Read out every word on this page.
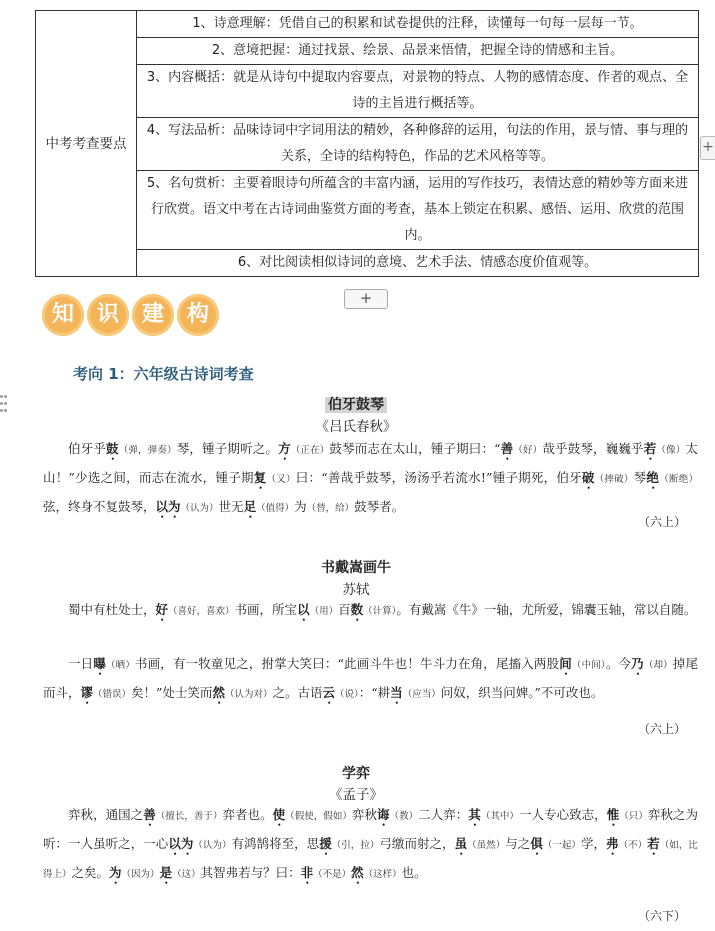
中考考查要点	1、诗意理解：凭借自己的积累和试卷提供的注释，读懂每一句每一层每一节。
2、意境把握：通过找景、绘景、品景来悟情，把握全诗的情感和主旨。
3、内容概括：就是从诗句中提取内容要点，对景物的特点、人物的感情态度、作者的观点、全诗的主旨进行概括等。
4、写法品析：品味诗词中字词用法的精妙，各种修辞的运用，句法的作用，景与情、事与理的关系，全诗的结构特色，作品的艺术风格等等。
5、名句赏析：主要着眼诗句所蕴含的丰富内涵，运用的写作技巧，表情达意的精妙等方面来进行欣赏。语文中考在古诗词曲鉴赏方面的考查，基本上锁定在积累、感悟、运用、欣赏的范围内。
6、对比阅读相似诗词的意境、艺术手法、情感态度价值观等。
+
+
知	识	建	构
考向 1：六年级古诗词考查
伯牙鼓琴
《吕氏春秋》
伯牙乎鼓（弹，弹奏）琴，锺子期听之。方（正在）鼓琴而志在太山，锺子期曰：“善（好）哉乎鼓琴，巍巍乎若（像）太山！”少选之间，而志在流水，锺子期复（又）曰：“善哉乎鼓琴，汤汤乎若流水!”锺子期死，伯牙破（摔破）琴绝（断绝）弦，终身不复鼓琴，以为（认为）世无足（值得）为（替，给）鼓琴者。
（六上）
书戴嵩画牛
苏轼
蜀中有杜处士，好（喜好，喜欢）书画，所宝以（用）百数（计算）。有戴嵩《牛》一轴，尤所爱，锦囊玉轴，常以自随。
一日曝（晒）书画，有一牧童见之，拊掌大笑曰：“此画斗牛也！牛斗力在角，尾搐入两股间（中间）。今乃（却）掉尾而斗，谬（错误）矣！”处士笑而然（认为对）之。古语云（说）：“耕当（应当）问奴，织当问婢。”不可改也。
（六上）
学弈
《孟子》
弈秋，通国之善（擅长，善于）弈者也。使（假使，假如）弈秋诲（教）二人弈：其（其中）一人专心致志，惟（只）弈秋之为听：一人虽听之，一心以为（认为）有鸿鹄将至，思援（引，拉）弓缴而射之，虽（虽然）与之俱（一起）学，弗（不）若（如，比得上）之矣。为（因为）是（这）其智弗若与？曰：非（不是）然（这样）也。
（六下）
